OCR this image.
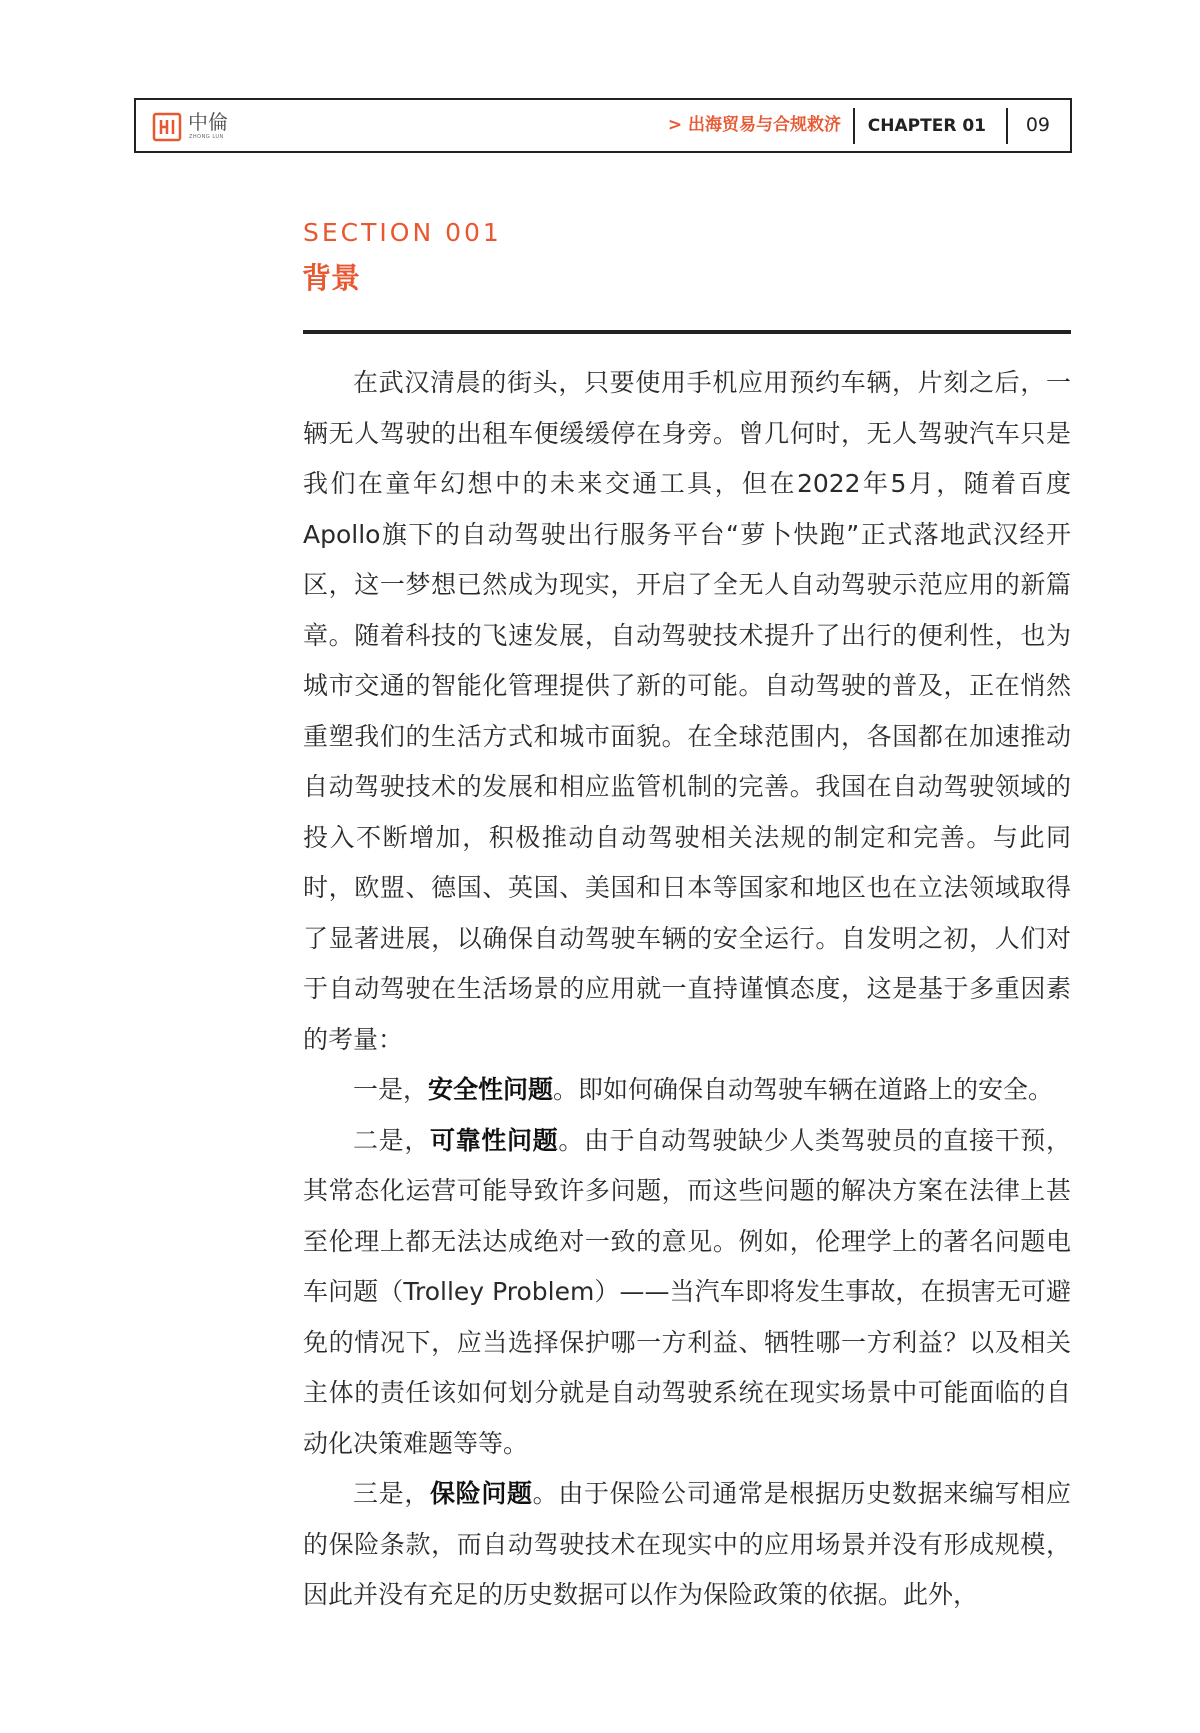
中倫
ZHONG LUN
> 出海贸易与合规救济 CHAPTER 01 09
SECTION 001
背景

在武汉清晨的街头，只要使用手机应用预约车辆，片刻之后，一辆无人驾驶的出租车便缓缓停在身旁。曾几何时，无人驾驶汽车只是我们在童年幻想中的未来交通工具，但在2022年5月，随着百度Apollo旗下的自动驾驶出行服务平台“萝卜快跑”正式落地武汉经开区，这一梦想已然成为现实，开启了全无人自动驾驶示范应用的新篇章。随着科技的飞速发展，自动驾驶技术提升了出行的便利性，也为城市交通的智能化管理提供了新的可能。自动驾驶的普及，正在悄然重塑我们的生活方式和城市面貌。在全球范围内，各国都在加速推动自动驾驶技术的发展和相应监管机制的完善。我国在自动驾驶领域的投入不断增加，积极推动自动驾驶相关法规的制定和完善。与此同时，欧盟、德国、英国、美国和日本等国家和地区也在立法领域取得了显著进展，以确保自动驾驶车辆的安全运行。自发明之初，人们对于自动驾驶在生活场景的应用就一直持谨慎态度，这是基于多重因素的考量：

一是，安全性问题。即如何确保自动驾驶车辆在道路上的安全。

二是，可靠性问题。由于自动驾驶缺少人类驾驶员的直接干预，其常态化运营可能导致许多问题，而这些问题的解决方案在法律上甚至伦理上都无法达成绝对一致的意见。例如，伦理学上的著名问题电车问题（Trolley Problem）——当汽车即将发生事故，在损害无可避免的情况下，应当选择保护哪一方利益、牺牲哪一方利益？以及相关主体的责任该如何划分就是自动驾驶系统在现实场景中可能面临的自动化决策难题等等。

三是，保险问题。由于保险公司通常是根据历史数据来编写相应的保险条款，而自动驾驶技术在现实中的应用场景并没有形成规模，因此并没有充足的历史数据可以作为保险政策的依据。此外，
